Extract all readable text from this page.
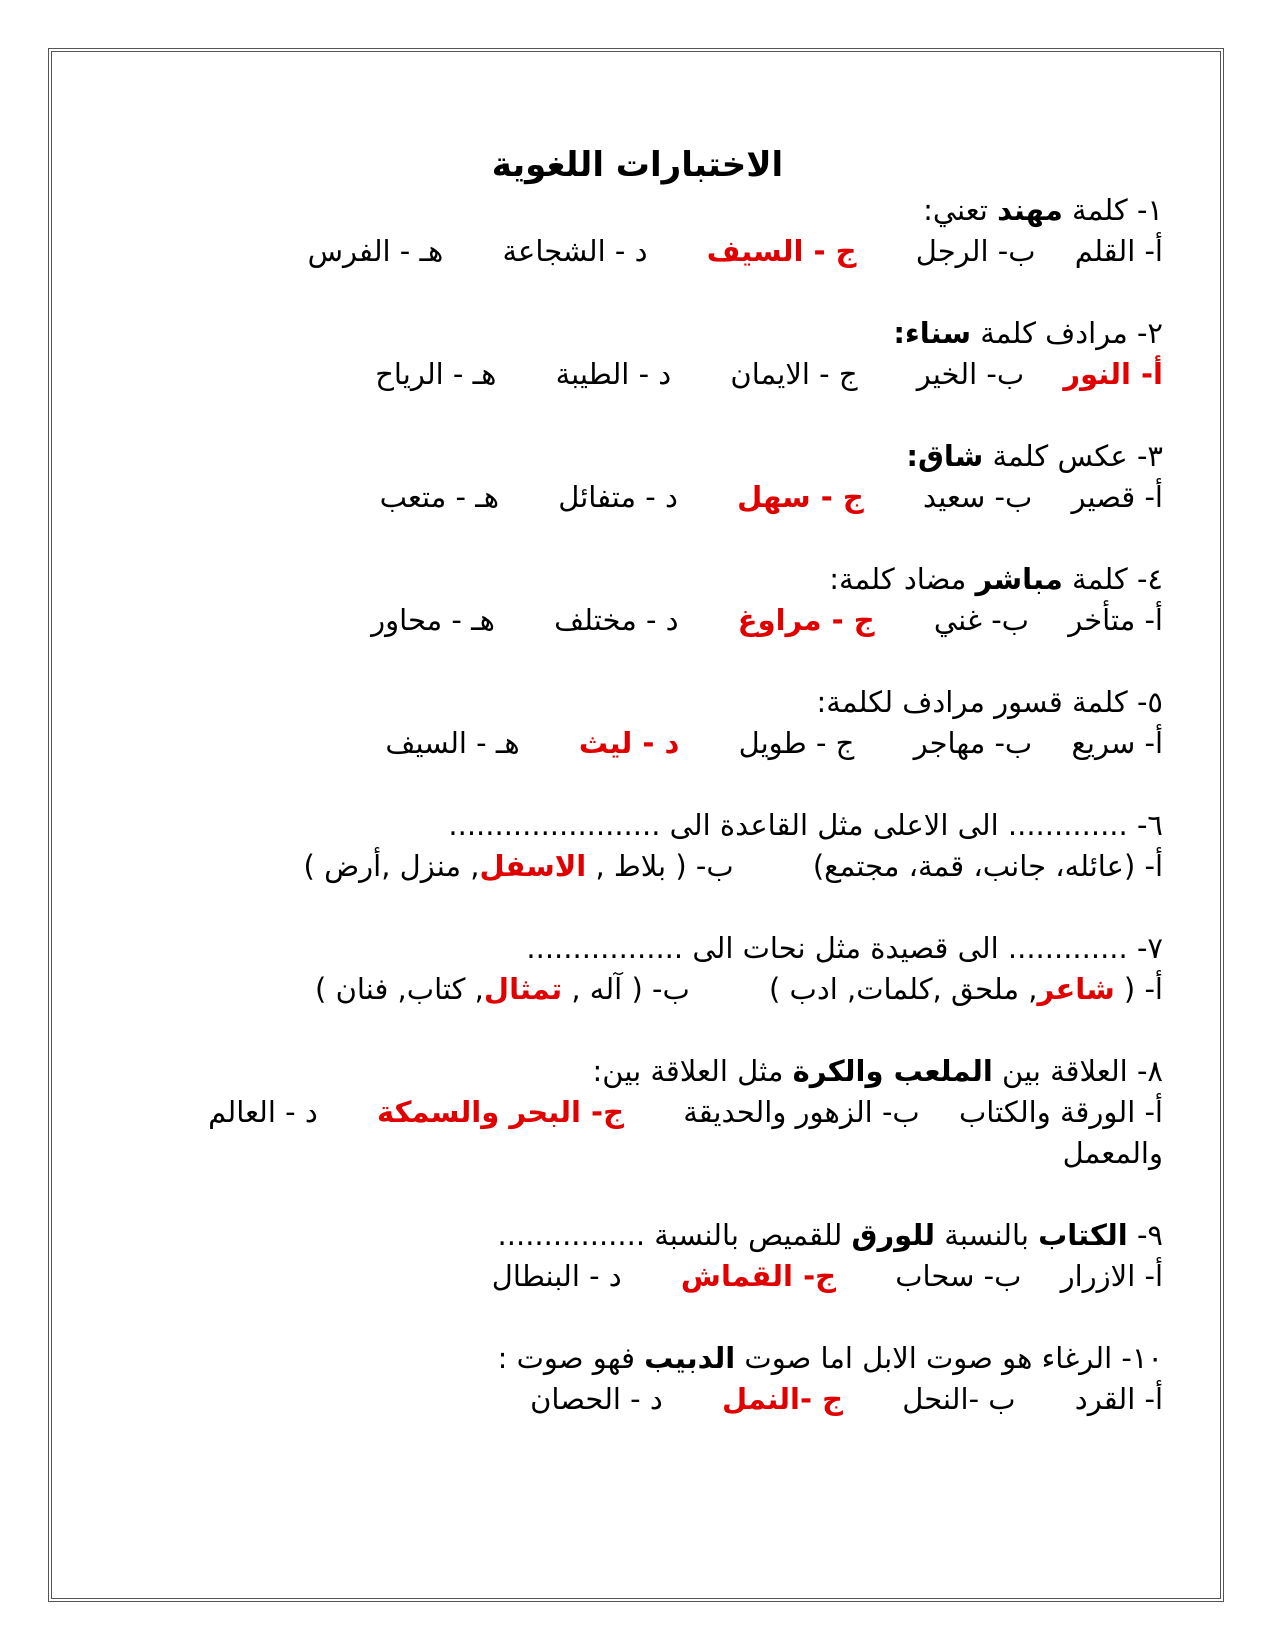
الاختبارات اللغوية
١- كلمة مهند تعني:
أ- القلم ب- الرجل ج - السيف د - الشجاعة هـ - الفرس
٢- مرادف كلمة سناء:
أ- النور ب- الخير ج - الايمان د - الطيبة هـ - الرياح
٣- عكس كلمة شاق:
أ- قصير ب- سعيد ج - سهل د - متفائل هـ - متعب
٤- كلمة مباشر مضاد كلمة:
أ- متأخر ب- غني ج - مراوغ د - مختلف هـ - محاور
٥- كلمة قسور مرادف لكلمة:
أ- سريع ب- مهاجر ج - طويل د - ليث هـ - السيف
٦- ............. الى الاعلى مثل القاعدة الى .......................
أ- (عائله، جانب، قمة، مجتمع) ب- ( بلاط , الاسفل, منزل ,أرض )
٧- ............. الى قصيدة مثل نحات الى .................
أ- ( شاعر, ملحق ,كلمات, ادب ) ب- ( آله , تمثال, كتاب, فنان )
٨- العلاقة بين الملعب والكرة مثل العلاقة بين:
أ- الورقة والكتاب ب- الزهور والحديقة ج- البحر والسمكة د - العالم
والمعمل
٩- الكتاب بالنسبة للورق للقميص بالنسبة ................
أ- الازرار ب- سحاب ج- القماش د - البنطال
١٠- الرغاء هو صوت الابل اما صوت الدبيب فهو صوت :
أ- القرد ب -النحل ج -النمل د - الحصان
